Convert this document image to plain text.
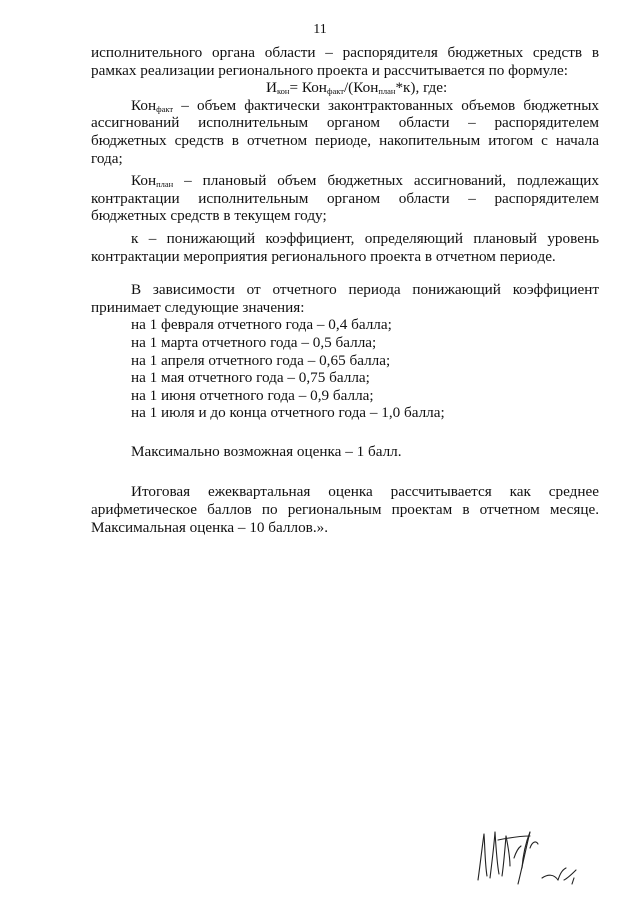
11

исполнительного органа области – распорядителя бюджетных средств в рамках реализации регионального проекта и рассчитывается по формуле:

$И_{кон}= Кон_{факт}/(Кон_{план}*к)$, где:

Кон$_{факт}$ – объем фактически законтрактованных объемов бюджетных ассигнований исполнительным органом области – распорядителем бюджетных средств в отчетном периоде, накопительным итогом с начала года;

Кон$_{план}$ – плановый объем бюджетных ассигнований, подлежащих контрактации исполнительным органом области – распорядителем бюджетных средств в текущем году;

к – понижающий коэффициент, определяющий плановый уровень контрактации мероприятия регионального проекта в отчетном периоде.

В зависимости от отчетного периода понижающий коэффициент принимает следующие значения:

на 1 февраля отчетного года – 0,4 балла;
на 1 марта отчетного года – 0,5 балла;
на 1 апреля отчетного года – 0,65 балла;
на 1 мая отчетного года – 0,75 балла;
на 1 июня отчетного года – 0,9 балла;
на 1 июля и до конца отчетного года – 1,0 балла;

Максимально возможная оценка – 1 балл.

Итоговая ежеквартальная оценка рассчитывается как среднее арифметическое баллов по региональным проектам в отчетном месяце. Максимальная оценка – 10 баллов.».
